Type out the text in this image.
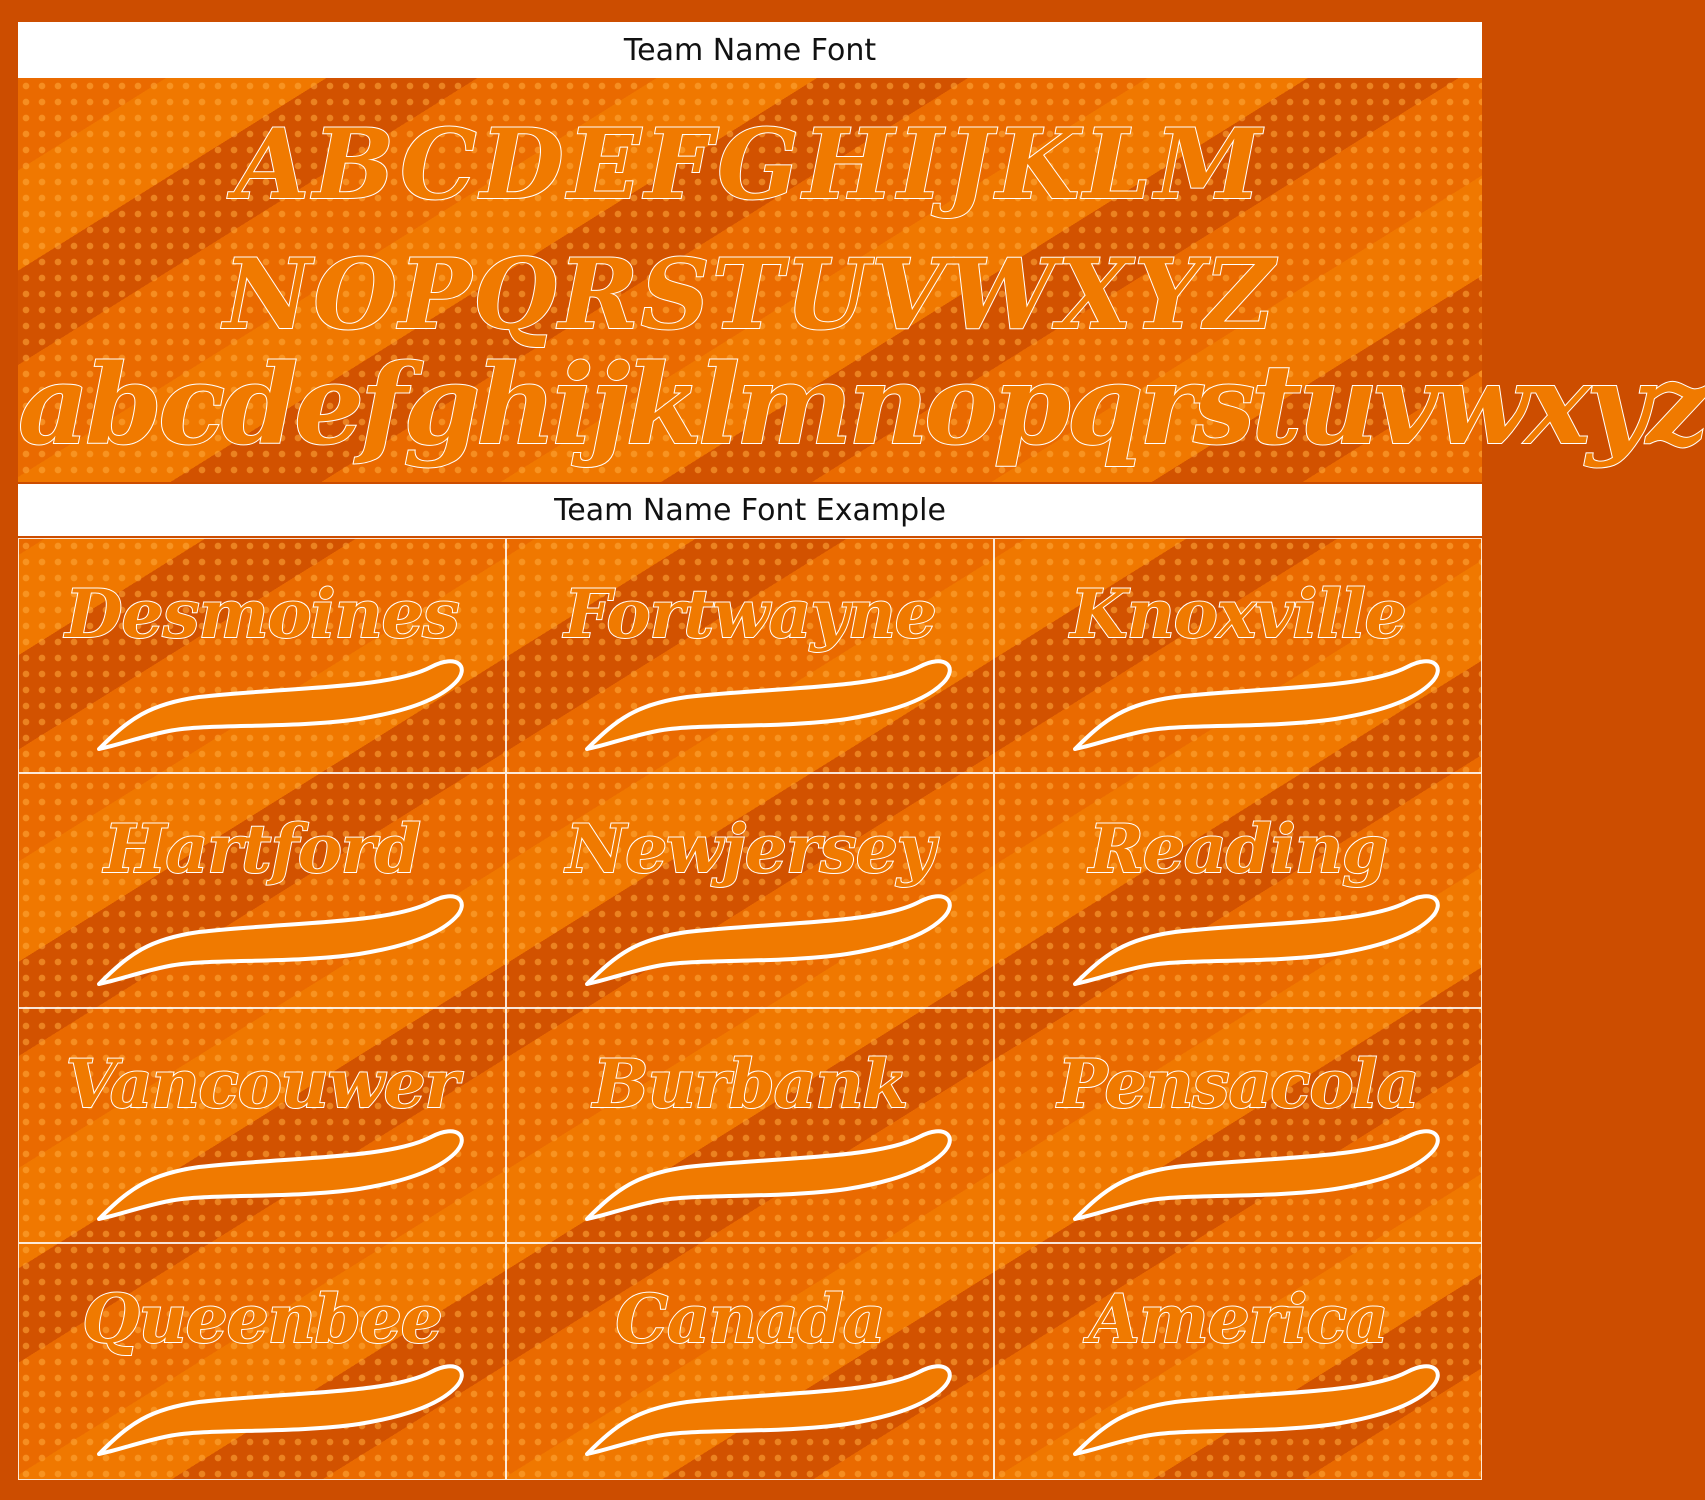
Team Name Font
ABCDEFGHIJKLM
NOPQRSTUVWXYZ
abcdefghijklmnopqrstuvwxyz
Team Name Font Example
Desmoines	Fortwayne	Knoxville
Hartford	Newjersey	Reading
Vancouwer	Burbank	Pensacola
Queenbee	Canada	America
